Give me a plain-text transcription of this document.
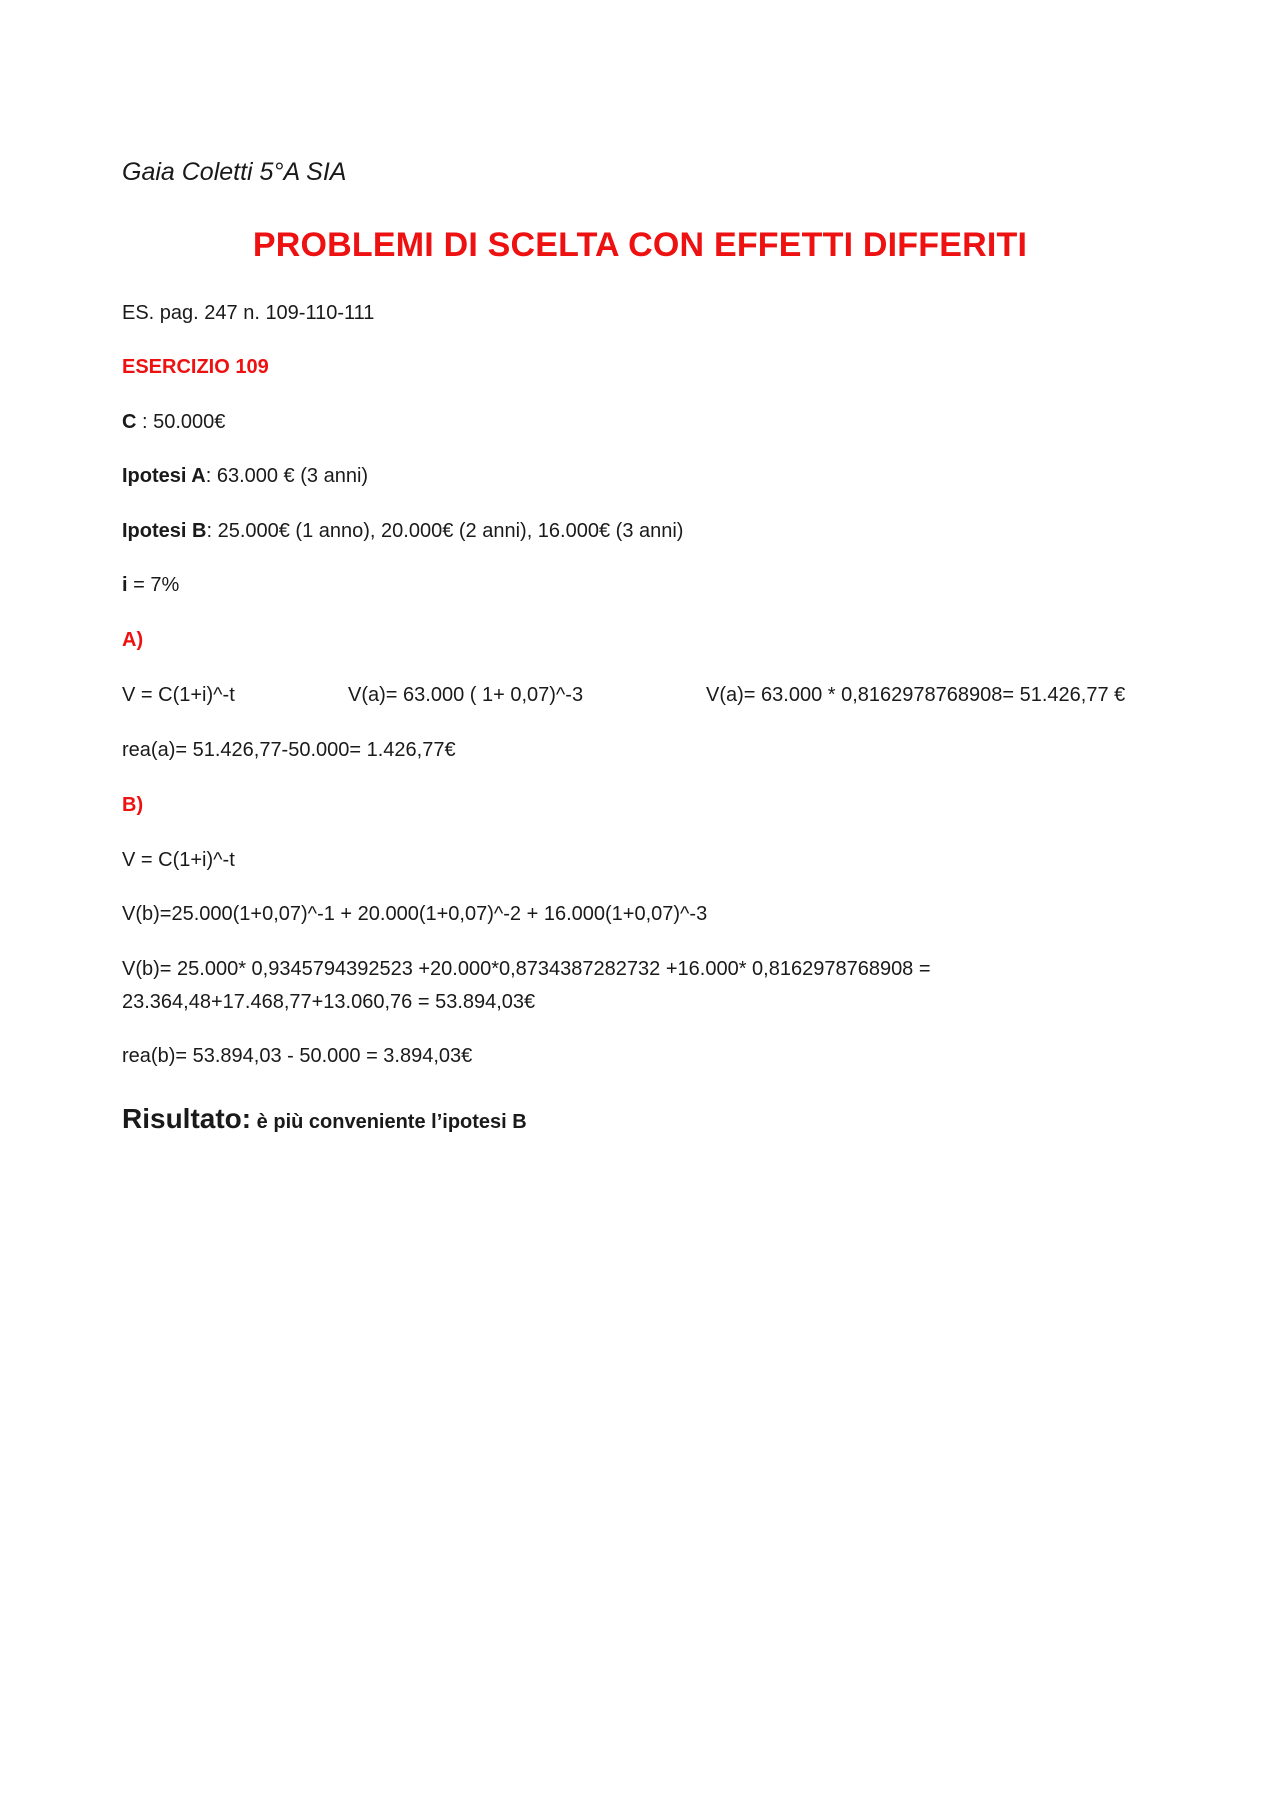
Gaia Coletti 5°A SIA
PROBLEMI DI SCELTA CON EFFETTI DIFFERITI
ES. pag. 247 n. 109-110-111
ESERCIZIO 109
C : 50.000€
Ipotesi A: 63.000 € (3 anni)
Ipotesi B: 25.000€ (1 anno), 20.000€ (2 anni), 16.000€ (3 anni)
i = 7%
A)
V = C(1+i)^-t	V(a)= 63.000 ( 1+ 0,07)^-3	V(a)= 63.000 * 0,8162978768908= 51.426,77 €
rea(a)= 51.426,77-50.000= 1.426,77€
B)
V = C(1+i)^-t
V(b)=25.000(1+0,07)^-1 + 20.000(1+0,07)^-2 + 16.000(1+0,07)^-3
V(b)= 25.000* 0,9345794392523 +20.000*0,8734387282732 +16.000* 0,8162978768908 =
23.364,48+17.468,77+13.060,76 = 53.894,03€
rea(b)= 53.894,03 - 50.000 = 3.894,03€
Risultato: è più conveniente l’ipotesi B
